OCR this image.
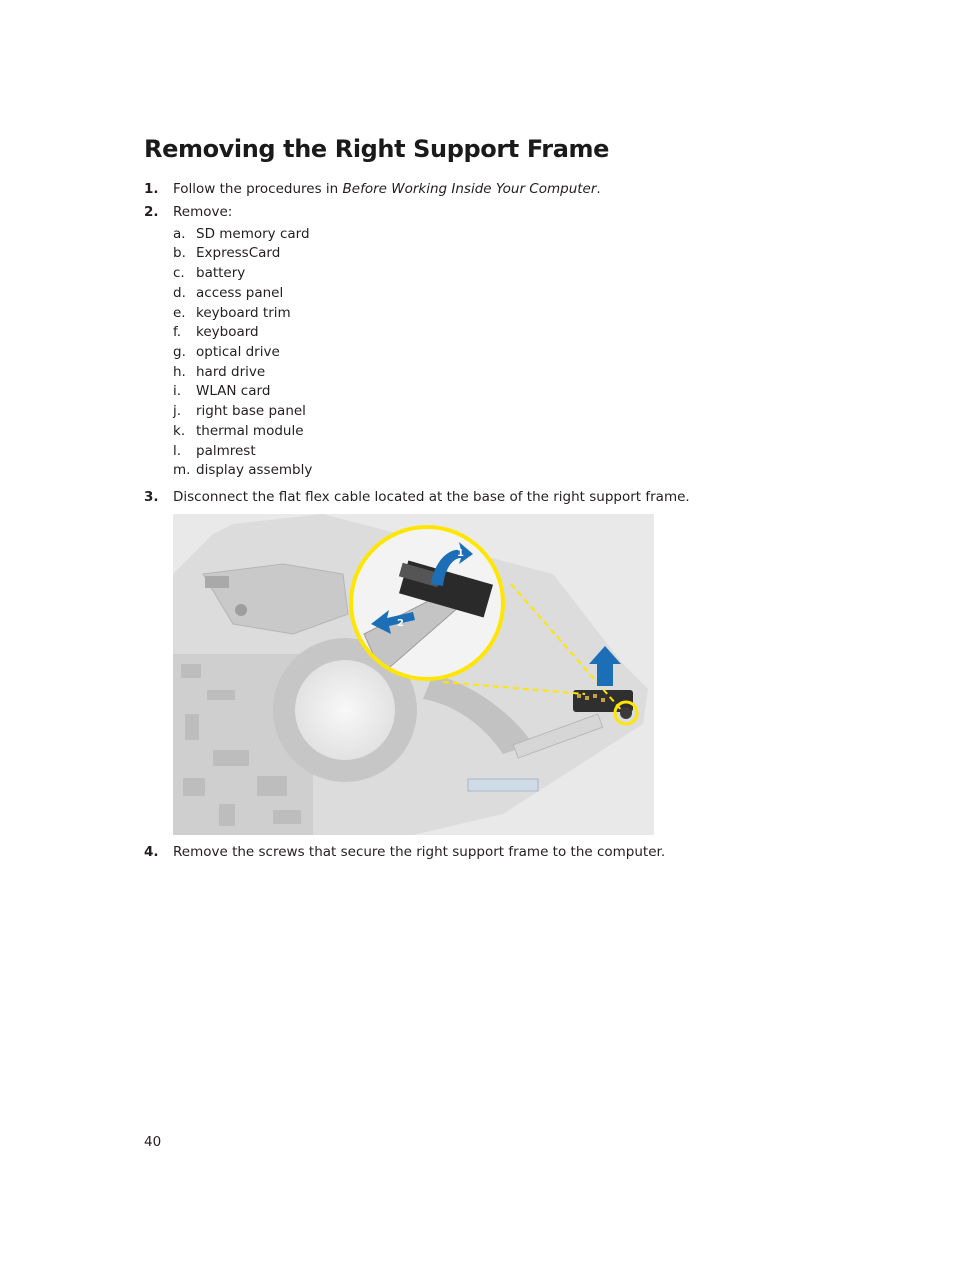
Removing the Right Support Frame
1. Follow the procedures in Before Working Inside Your Computer.
2. Remove:
a. SD memory card
b. ExpressCard
c. battery
d. access panel
e. keyboard trim
f. keyboard
g. optical drive
h. hard drive
i. WLAN card
j. right base panel
k. thermal module
l. palmrest
m. display assembly
3. Disconnect the flat flex cable located at the base of the right support frame.
1
2
4. Remove the screws that secure the right support frame to the computer.
40
